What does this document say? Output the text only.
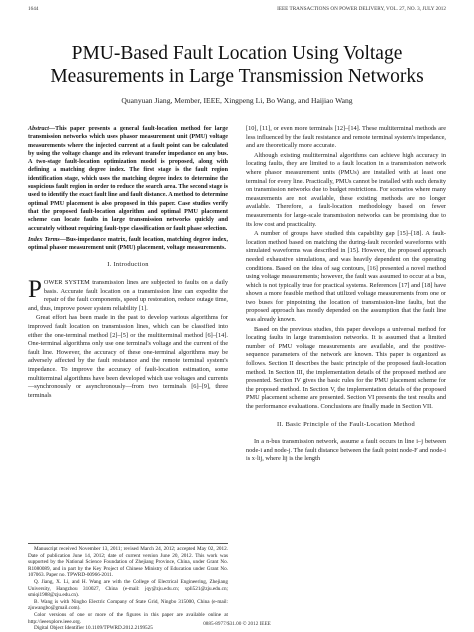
1644	IEEE TRANSACTIONS ON POWER DELIVERY, VOL. 27, NO. 3, JULY 2012
PMU-Based Fault Location Using Voltage
Measurements in Large Transmission Networks
Quanyuan Jiang, Member, IEEE, Xingpeng Li, Bo Wang, and Haijiao Wang

Abstract—This paper presents a general fault-location method for large transmission networks which uses phasor measurement unit (PMU) voltage measurements where the injected current at a fault point can be calculated by using the voltage change and its relevant transfer impedance on any bus. A two-stage fault-location optimization model is proposed, along with defining a matching degree index. The first stage is the fault region identification stage, which uses the matching degree index to determine the suspicious fault region in order to reduce the search area. The second stage is used to identify the exact fault line and fault distance. A method to determine optimal PMU placement is also proposed in this paper. Case studies verify that the proposed fault-location algorithm and optimal PMU placement scheme can locate faults in large transmission networks quickly and accurately without requiring fault-type classification or fault phase selection.

Index Terms—Bus-impedance matrix, fault location, matching degree index, optimal phasor measurement unit (PMU) placement, voltage measurements.

I. Introduction

POWER SYSTEM transmission lines are subjected to faults on a daily basis. Accurate fault location on a transmission line can expedite the repair of the fault components, speed up restoration, reduce outage time, and, thus, improve power system reliability [1].

Great effort has been made in the past to develop various algorithms for improved fault location on transmission lines, which can be classified into either the one-terminal method [2]–[5] or the multiterminal method [6]–[14]. One-terminal algorithms only use one terminal's voltage and the current of the fault line. However, the accuracy of these one-terminal algorithms may be adversely affected by the fault resistance and the remote terminal system's impedance. To improve the accuracy of fault-location estimation, some multiterminal algorithms have been developed which use voltages and currents—synchronously or asynchronously—from two terminals [6]–[9], three terminals

Manuscript received November 13, 2011; revised March 24, 2012; accepted May 02, 2012. Date of publication June 14, 2012; date of current version June 20, 2012. This work was supported by the National Science Foundation of Zhejiang Province, China, under Grant No. R1080089, and in part by the Key Project of Chinese Ministry of Education under Grant No. 107063. Paper no. TPWRD-00966-2011.

Q. Jiang, X. Li, and H. Wang are with the College of Electrical Engineering, Zhejiang University, Hangzhou 310027, China (e-mail: jqy@zju.edu.cn; xpli521@zju.edu.cn; smiqi1988@zju.edu.cn).

B. Wang is with Ningbo Electric Company of State Grid, Ningbo 315000, China (e-mail: zjuwangbo@gmail.com).

Color versions of one or more of the figures in this paper are available online at http://ieeexplore.ieee.org.

Digital Object Identifier 10.1109/TPWRD.2012.2199525

[10], [11], or even more terminals [12]–[14]. These multiterminal methods are less influenced by the fault resistance and remote terminal system's impedance, and are theoretically more accurate.

Although existing multiterminal algorithms can achieve high accuracy in locating faults, they are limited to a fault location in a transmission network where phasor measurement units (PMUs) are installed with at least one terminal for every line. Practically, PMUs cannot be installed with such density on transmission networks due to budget restrictions. For scenarios where many measurements are not available, these existing methods are no longer available. Therefore, a fault-location methodology based on fewer measurements for large-scale transmission networks can be promising due to its low cost and practicality.

A number of groups have studied this capability gap [15]–[18]. A fault-location method based on matching the during-fault recorded waveforms with simulated waveforms was described in [15]. However, the proposed approach needed exhaustive simulations, and was heavily dependent on the operating conditions. Based on the idea of sag contours, [16] presented a novel method using voltage measurements; however, the fault was assumed to occur at a bus, which is not typically true for practical systems. References [17] and [18] have shown a more feasible method that utilized voltage measurements from one or two buses for pinpointing the location of transmission-line faults, but the proposed approach has mostly depended on the assumption that the fault line was already known.

Based on the previous studies, this paper develops a universal method for locating faults in large transmission networks. It is assumed that a limited number of PMU voltage measurements are available, and the positive-sequence parameters of the network are known. This paper is organized as follows. Section II describes the basic principle of the proposed fault-location method. In Section III, the implementation details of the proposed method are presented. Section IV gives the basic rules for the PMU placement scheme for the proposed method. In Section V, the implementation details of the proposed PMU placement scheme are presented. Section VI presents the test results and the performance evaluations. Conclusions are finally made in Section VII.

II. Basic Principle of the Fault-Location Method

In a n-bus transmission network, assume a fault occurs in line i–j between node-i and node-j. The fault distance between the fault point node-F and node-i is x·lij, where lij is the length

0885-8977/$31.00 © 2012 IEEE
